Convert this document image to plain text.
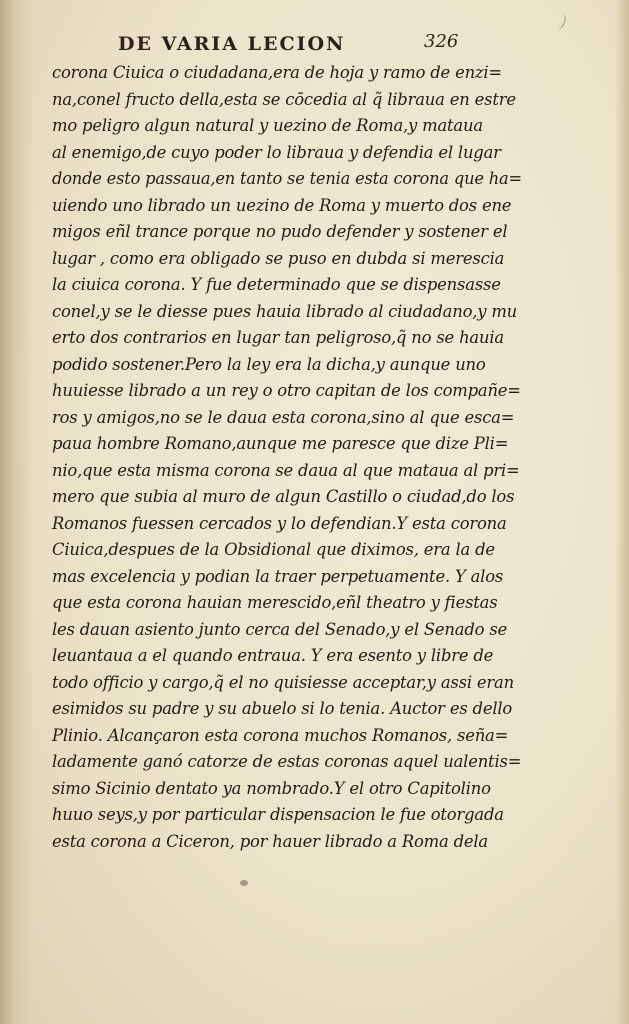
DE VARIA LECION	326
corona Ciuica o ciudadana,era de hoja y ramo de enzi=
na,conel fructo della,esta se cōcedia al q̃ librauа en estre
mo peligro algun natural y uezino de Roma,y mataua
al enemigo,de cuyo poder lo librauа y defendia el lugar
donde esto passaua,en tanto se tenia esta corona que ha=
uiendo uno librado un uezino de Roma y muerto dos ene
migos eñl trance porque no pudo defender y sostener el
lugar , como era obligado se puso en dubda si merescia
la ciuica corona. Y fue determinado que se dispensasse
conel,y se le diesse pues hauia librado al ciudadano,y mu
erto dos contrarios en lugar tan peligroso,q̃ no se hauia
podido sostener.Pero la ley era la dicha,y aunque uno
huuiesse librado a un rey o otro capitan de los compañe=
ros y amigos,no se le daua esta corona,sino al que esca=
paua hombre Romano,aunque me paresce que dize Pli=
nio,que esta misma corona se daua al que mataua al pri=
mero que subia al muro de algun Castillo o ciudad,do los
Romanos fuessen cercados y lo defendian.Y esta corona
Ciuica,despues de la Obsidional que diximos, era la de
mas excelencia y podian la traer perpetuamente. Y alos
que esta corona hauian merescido,eñl theatro y fiestas
les dauan asiento junto cerca del Senado,y el Senado se
leuantaua a el quando entraua. Y era esento y libre de
todo officio y cargo,q̃ el no quisiesse acceptar,y assi eran
esimidos su padre y su abuelo si lo tenia. Auctor es dello
Plinio. Alcançaron esta corona muchos Romanos, seña=
ladamente ganó catorze de estas coronas aquel ualentis=
simo Sicinio dentato ya nombrado.Y el otro Capitolino
huuo seys,y por particular dispensacion le fue otorgada
esta corona a Ciceron, por hauer librado a Roma dela
